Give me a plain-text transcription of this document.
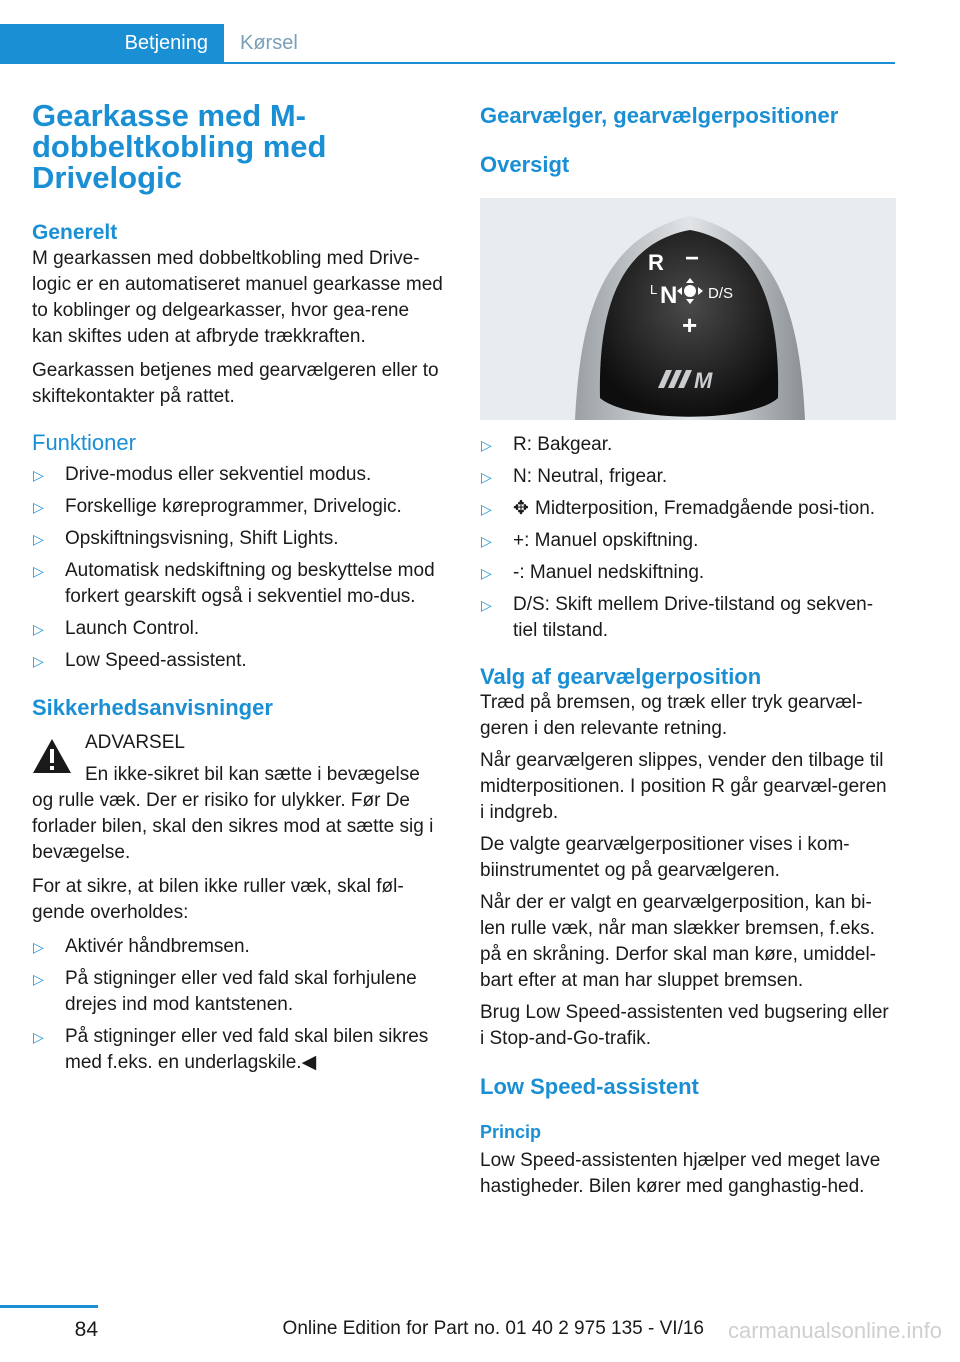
Betjening Kørsel
Gearkasse med M-dobbeltkobling med Drivelogic
Generelt

M gearkassen med dobbeltkobling med Drive-logic er en automatiseret manuel gearkasse med to koblinger og delgearkasser, hvor gea-rene kan skiftes uden at afbryde trækkraften.

Gearkassen betjenes med gearvælgeren eller to skiftekontakter på rattet.

Funktioner
▷ Drive-modus eller sekventiel modus.
▷ Forskellige køreprogrammer, Drivelogic.
▷ Opskiftningsvisning, Shift Lights.
▷ Automatisk nedskiftning og beskyttelse mod forkert gearskift også i sekventiel mo-dus.
▷ Launch Control.
▷ Low Speed-assistent.
Sikkerhedsanvisninger
ADVARSEL
En ikke-sikret bil kan sætte i bevægelse og rulle væk. Der er risiko for ulykker. Før De forlader bilen, skal den sikres mod at sætte sig i bevægelse.

For at sikre, at bilen ikke ruller væk, skal føl-gende overholdes:

▷ Aktivér håndbremsen.
▷ På stigninger eller ved fald skal forhjulene drejes ind mod kantstenen.
▷ På stigninger eller ved fald skal bilen sikres med f.eks. en underlagskile.◀
Gearvælger, gearvælgerpositioner
Oversigt
R
N
L	D/S
−
+
M
▷ R: Bakgear.
▷ N: Neutral, frigear.
▷ ✥ Midterposition, Fremadgående posi-tion.
▷ +: Manuel opskiftning.
▷ -: Manuel nedskiftning.
▷ D/S: Skift mellem Drive-tilstand og sekven-tiel tilstand.
Valg af gearvælgerposition

Træd på bremsen, og træk eller tryk gearvæl-geren i den relevante retning.

Når gearvælgeren slippes, vender den tilbage til midterpositionen. I position R går gearvæl-geren i indgreb.

De valgte gearvælgerpositioner vises i kom-biinstrumentet og på gearvælgeren.

Når der er valgt en gearvælgerposition, kan bi-len rulle væk, når man slækker bremsen, f.eks. på en skråning. Derfor skal man køre, umiddel-bart efter at man har sluppet bremsen.

Brug Low Speed-assistenten ved bugsering eller i Stop-and-Go-trafik.

Low Speed-assistent
Princip

Low Speed-assistenten hjælper ved meget lave hastigheder. Bilen kører med ganghastig-hed.

84	Online Edition for Part no. 01 40 2 975 135 - VI/16 carmanualsonline.info
